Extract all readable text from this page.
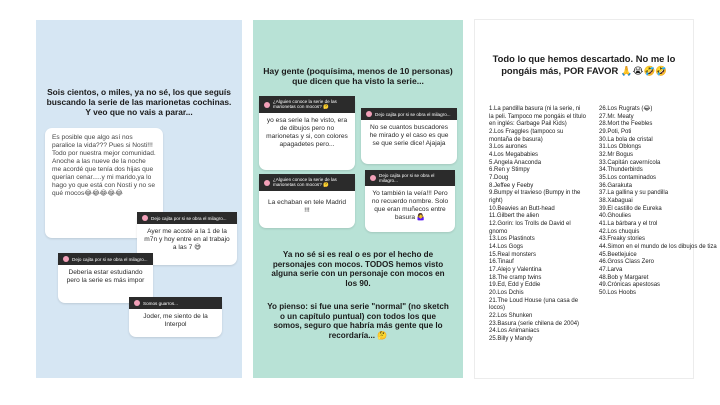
Sois cientos, o miles, ya no sé, los que seguís buscando la serie de las marionetas cochinas. Y veo que no vais a parar...
Es posible que algo así nos paralice la vida??? Pues si Nosti!!! Todo por nuestra mejor comunidad. Anoche a las nueve de la noche me acordé que tenía dos hijas que querían cenar.....y mi marido,ya lo hago yo que está con Nosti y no se qué mocos😂😂😂😂😂
Dejo cajita por si se obra el milagro...
Ayer me acosté a la 1 de la m7n y hoy entre en al trabajo a las 7 😅
Dejo cajita por si se obra el milagro...
Debería estar estudiando pero la serie es más impor
Somos guarros...
Joder, me siento de la Interpol
Hay gente (poquísima, menos de 10 personas) que dicen que ha visto la serie...
¿Alguien conoce la serie de las marionetas con mocos? 🤔
yo esa serie la he visto, era de dibujos pero no marionetas y si, con colores apagadetes pero...
Dejo cajita por si se obra el milagro...
No se cuantos buscadores he mirado y el caso es que se que serie dice! Ajajaja
¿Alguien conoce la serie de las marionetas con mocos? 🤔
La echaban en tele Madrid !!!
Dejo cajita por si se obra el milagro...
Yo también la veía!!! Pero no recuerdo nombre. Solo que eran muñecos entre basura 🤷‍♀️
Ya no sé si es real o es por el hecho de personajes con mocos. TODOS hemos visto alguna serie con un personaje con mocos en los 90.
Yo pienso: si fue una serie "normal" (no sketch o un capítulo puntual) con todos los que somos, seguro que habría más gente que lo recordaría... 🤔
Todo lo que hemos descartado. No me lo pongáis más, POR FAVOR 🙏😭🤣🤣
1.La pandilla basura (ni la serie, ni
la peli. Tampoco me pongáis el título
en inglés: Garbage Pail Kids)
2.Los Fraggles (tampoco su
montaña de basura)
3.Los aurones
4.Los Megababies
5.Angela Anaconda
6.Ren y Stimpy
7.Doug
8.Jeffee y Feeby
9.Bumpy el travieso (Bumpy in the
right)
10.Beavies an Butt-head
11.Gilbert the alien
12.Gorin: los Trolls de David el
gnomo
13.Los Plastinots
14.Los Gogs
15.Real monsters
16.Tinauf
17.Alejo y Valentina
18.The cramp twins
19.Ed, Edd y Eddie
20.Los Dchis
21.The Loud House (una casa de
locos)
22.Los Shunken
23.Basura (serie chilena de 2004)
24.Los Animaniacs
25.Billy y Mandy
26.Los Rugrats (😂)
27.Mr. Meaty
28.Mort the Feebles
29.Poti, Poti
30.La bola de cristal
31.Los Oblongs
32.Mr Bogus
33.Capitán cavernícola
34.Thunderbirds
35.Los contaminados
36.Garakuta
37.La gallina y su pandilla
38.Xabaguai
39.El castillo de Eureka
40.Ghoulies
41.La bárbara y el trol
42.Los chuquis
43.Freaky stories
44.Simon en el mundo de los dibujos de tiza
45.Beetlejuice
46.Gross Class Zero
47.Larva
48.Bob y Margaret
49.Crónicas apestosas
50.Los Hoobs
